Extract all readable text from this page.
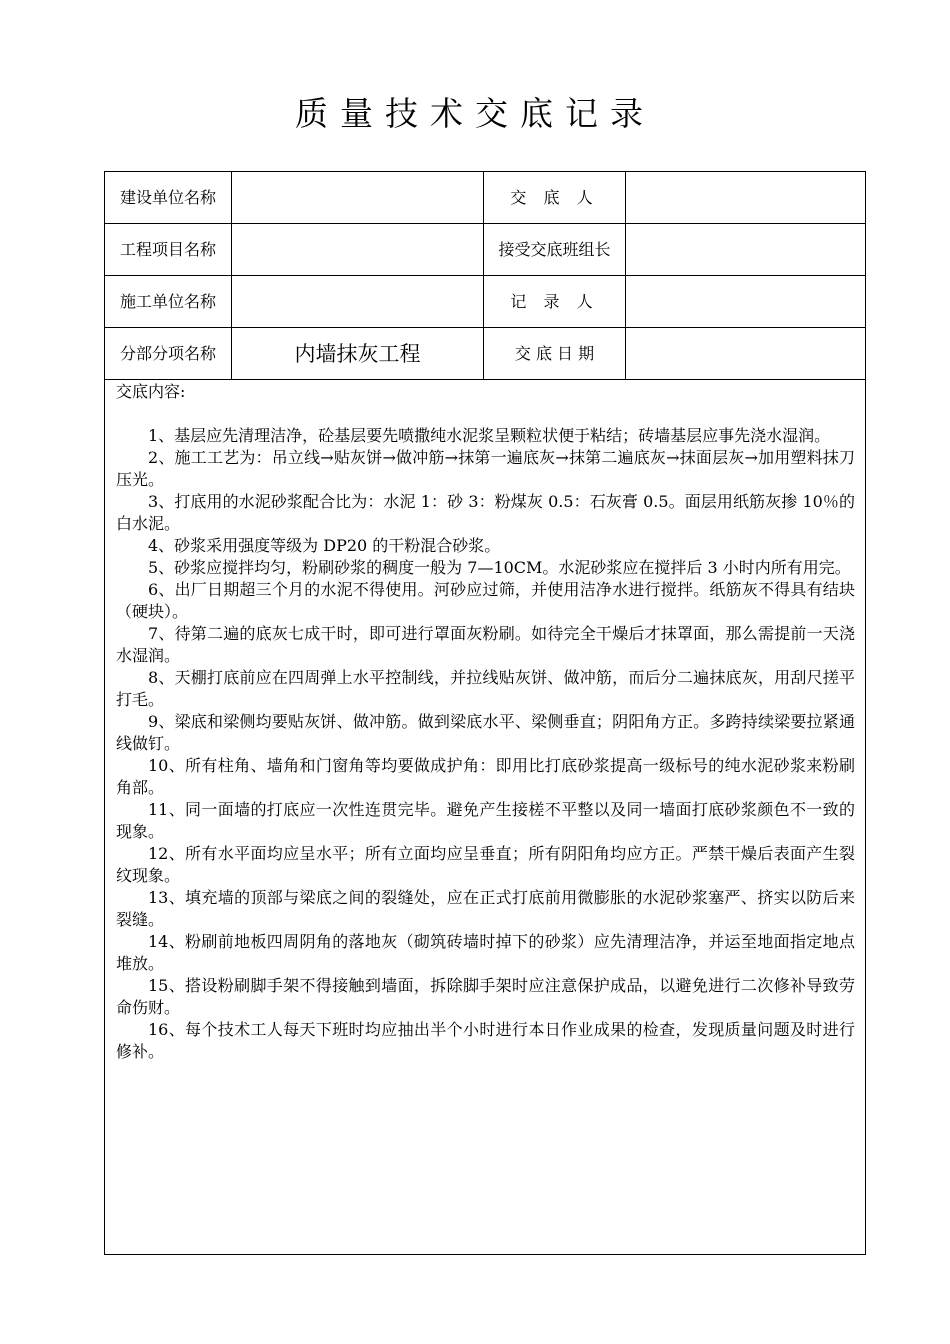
质量技术交底记录
建设单位名称	交 底 人
工程项目名称	接受交底班组长
施工单位名称	记 录 人
分部分项名称	内墙抹灰工程	交 底 日 期
交底内容:

1、基层应先清理洁净，砼基层要先喷撒纯水泥浆呈颗粒状便于粘结；砖墙基层应事先浇水湿润。

2、施工工艺为：吊立线→贴灰饼→做冲筋→抹第一遍底灰→抹第二遍底灰→抹面层灰→加用塑料抹刀压光。

3、打底用的水泥砂浆配合比为：水泥 1：砂 3：粉煤灰 0.5：石灰膏 0.5。面层用纸筋灰掺 10％的白水泥。

4、砂浆采用强度等级为 DP20 的干粉混合砂浆。

5、砂浆应搅拌均匀，粉刷砂浆的稠度一般为 7—10CM。水泥砂浆应在搅拌后 3 小时内所有用完。

6、出厂日期超三个月的水泥不得使用。河砂应过筛，并使用洁净水进行搅拌。纸筋灰不得具有结块（硬块）。

7、待第二遍的底灰七成干时，即可进行罩面灰粉刷。如待完全干燥后才抹罩面，那么需提前一天浇水湿润。

8、天棚打底前应在四周弹上水平控制线，并拉线贴灰饼、做冲筋，而后分二遍抹底灰，用刮尺搓平打毛。

9、梁底和梁侧均要贴灰饼、做冲筋。做到梁底水平、梁侧垂直；阴阳角方正。多跨持续梁要拉紧通线做钉。

10、所有柱角、墙角和门窗角等均要做成护角：即用比打底砂浆提高一级标号的纯水泥砂浆来粉刷角部。

11、同一面墙的打底应一次性连贯完毕。避免产生接槎不平整以及同一墙面打底砂浆颜色不一致的现象。

12、所有水平面均应呈水平；所有立面均应呈垂直；所有阴阳角均应方正。严禁干燥后表面产生裂纹现象。

13、填充墙的顶部与梁底之间的裂缝处，应在正式打底前用微膨胀的水泥砂浆塞严、挤实以防后来裂缝。

14、粉刷前地板四周阴角的落地灰（砌筑砖墙时掉下的砂浆）应先清理洁净，并运至地面指定地点堆放。

15、搭设粉刷脚手架不得接触到墙面，拆除脚手架时应注意保护成品，以避免进行二次修补导致劳命伤财。

16、每个技术工人每天下班时均应抽出半个小时进行本日作业成果的检查，发现质量问题及时进行修补。
